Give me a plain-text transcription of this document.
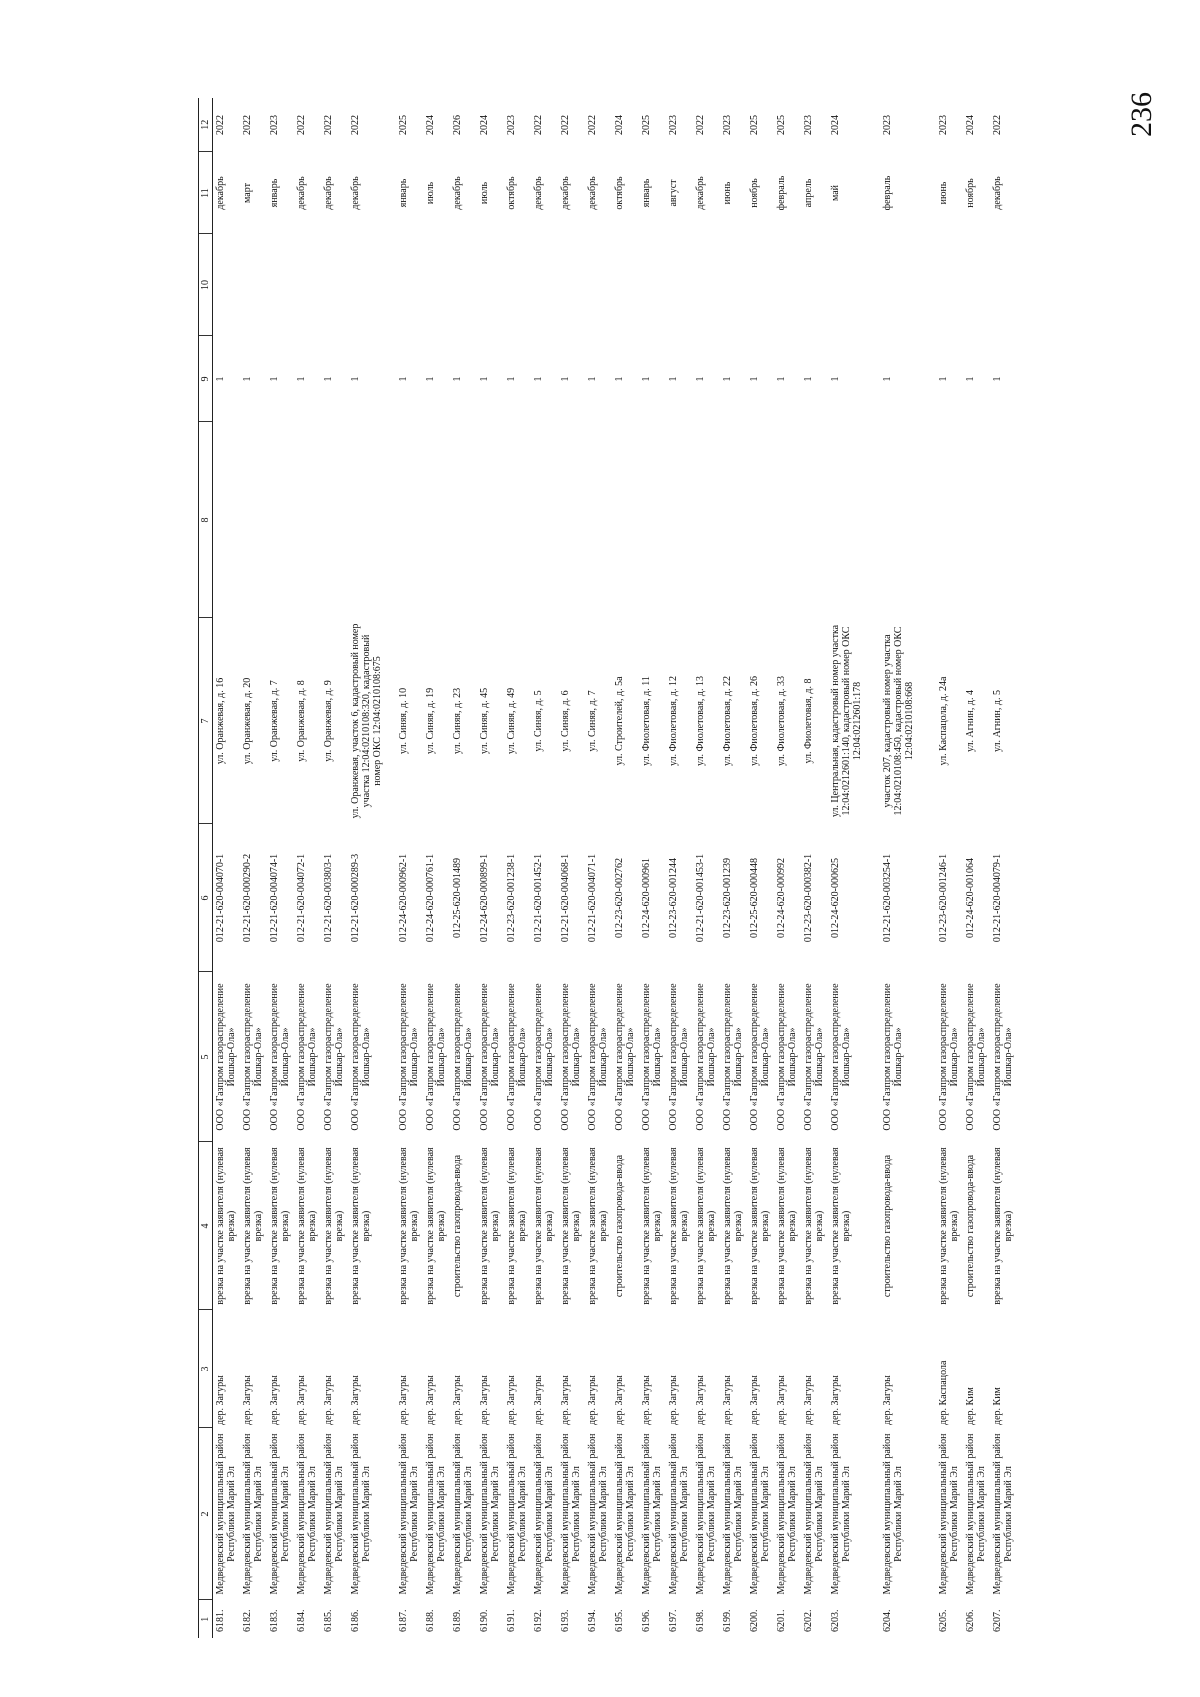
236
1	2	3	4	5	6	7	8	9	10	11	12
6181.	Медведевский муниципальный район Республики Марий Эл	дер. Загуры	врезка на участке заявителя (нулевая врезка)	ООО «Газпром газораспределение Йошкар-Ола»	012-21-620-004070-1	ул. Оранжевая, д. 16		1		декабрь	2022
6182.	Медведевский муниципальный район Республики Марий Эл	дер. Загуры	врезка на участке заявителя (нулевая врезка)	ООО «Газпром газораспределение Йошкар-Ола»	012-21-620-000290-2	ул. Оранжевая, д. 20		1		март	2022
6183.	Медведевский муниципальный район Республики Марий Эл	дер. Загуры	врезка на участке заявителя (нулевая врезка)	ООО «Газпром газораспределение Йошкар-Ола»	012-21-620-004074-1	ул. Оранжевая, д. 7		1		январь	2023
6184.	Медведевский муниципальный район Республики Марий Эл	дер. Загуры	врезка на участке заявителя (нулевая врезка)	ООО «Газпром газораспределение Йошкар-Ола»	012-21-620-004072-1	ул. Оранжевая, д. 8		1		декабрь	2022
6185.	Медведевский муниципальный район Республики Марий Эл	дер. Загуры	врезка на участке заявителя (нулевая врезка)	ООО «Газпром газораспределение Йошкар-Ола»	012-21-620-003803-1	ул. Оранжевая, д. 9		1		декабрь	2022
6186.	Медведевский муниципальный район Республики Марий Эл	дер. Загуры	врезка на участке заявителя (нулевая врезка)	ООО «Газпром газораспределение Йошкар-Ола»	012-21-620-000289-3	ул. Оранжевая, участок 6, кадастровый номер участка 12:04:0210108:320, кадастровый номер ОКС 12:04:0210108:675		1		декабрь	2022
6187.	Медведевский муниципальный район Республики Марий Эл	дер. Загуры	врезка на участке заявителя (нулевая врезка)	ООО «Газпром газораспределение Йошкар-Ола»	012-24-620-000962-1	ул. Синяя, д. 10		1		январь	2025
6188.	Медведевский муниципальный район Республики Марий Эл	дер. Загуры	врезка на участке заявителя (нулевая врезка)	ООО «Газпром газораспределение Йошкар-Ола»	012-24-620-000761-1	ул. Синяя, д. 19		1		июль	2024
6189.	Медведевский муниципальный район Республики Марий Эл	дер. Загуры	строительство газопровода-ввода	ООО «Газпром газораспределение Йошкар-Ола»	012-25-620-001489	ул. Синяя, д. 23		1		декабрь	2026
6190.	Медведевский муниципальный район Республики Марий Эл	дер. Загуры	врезка на участке заявителя (нулевая врезка)	ООО «Газпром газораспределение Йошкар-Ола»	012-24-620-000899-1	ул. Синяя, д. 45		1		июль	2024
6191.	Медведевский муниципальный район Республики Марий Эл	дер. Загуры	врезка на участке заявителя (нулевая врезка)	ООО «Газпром газораспределение Йошкар-Ола»	012-23-620-001238-1	ул. Синяя, д. 49		1		октябрь	2023
6192.	Медведевский муниципальный район Республики Марий Эл	дер. Загуры	врезка на участке заявителя (нулевая врезка)	ООО «Газпром газораспределение Йошкар-Ола»	012-21-620-001452-1	ул. Синяя, д. 5		1		декабрь	2022
6193.	Медведевский муниципальный район Республики Марий Эл	дер. Загуры	врезка на участке заявителя (нулевая врезка)	ООО «Газпром газораспределение Йошкар-Ола»	012-21-620-004068-1	ул. Синяя, д. 6		1		декабрь	2022
6194.	Медведевский муниципальный район Республики Марий Эл	дер. Загуры	врезка на участке заявителя (нулевая врезка)	ООО «Газпром газораспределение Йошкар-Ола»	012-21-620-004071-1	ул. Синяя, д. 7		1		декабрь	2022
6195.	Медведевский муниципальный район Республики Марий Эл	дер. Загуры	строительство газопровода-ввода	ООО «Газпром газораспределение Йошкар-Ола»	012-23-620-002762	ул. Строителей, д. 5а		1		октябрь	2024
6196.	Медведевский муниципальный район Республики Марий Эл	дер. Загуры	врезка на участке заявителя (нулевая врезка)	ООО «Газпром газораспределение Йошкар-Ола»	012-24-620-000961	ул. Фиолетовая, д. 11		1		январь	2025
6197.	Медведевский муниципальный район Республики Марий Эл	дер. Загуры	врезка на участке заявителя (нулевая врезка)	ООО «Газпром газораспределение Йошкар-Ола»	012-23-620-001244	ул. Фиолетовая, д. 12		1		август	2023
6198.	Медведевский муниципальный район Республики Марий Эл	дер. Загуры	врезка на участке заявителя (нулевая врезка)	ООО «Газпром газораспределение Йошкар-Ола»	012-21-620-001453-1	ул. Фиолетовая, д. 13		1		декабрь	2022
6199.	Медведевский муниципальный район Республики Марий Эл	дер. Загуры	врезка на участке заявителя (нулевая врезка)	ООО «Газпром газораспределение Йошкар-Ола»	012-23-620-001239	ул. Фиолетовая, д. 22		1		июнь	2023
6200.	Медведевский муниципальный район Республики Марий Эл	дер. Загуры	врезка на участке заявителя (нулевая врезка)	ООО «Газпром газораспределение Йошкар-Ола»	012-25-620-000448	ул. Фиолетовая, д. 26		1		ноябрь	2025
6201.	Медведевский муниципальный район Республики Марий Эл	дер. Загуры	врезка на участке заявителя (нулевая врезка)	ООО «Газпром газораспределение Йошкар-Ола»	012-24-620-000992	ул. Фиолетовая, д. 33		1		февраль	2025
6202.	Медведевский муниципальный район Республики Марий Эл	дер. Загуры	врезка на участке заявителя (нулевая врезка)	ООО «Газпром газораспределение Йошкар-Ола»	012-23-620-000382-1	ул. Фиолетовая, д. 8		1		апрель	2023
6203.	Медведевский муниципальный район Республики Марий Эл	дер. Загуры	врезка на участке заявителя (нулевая врезка)	ООО «Газпром газораспределение Йошкар-Ола»	012-24-620-000625	ул. Центральная, кадастровый номер участка 12:04:0212601:140, кадастровый номер ОКС 12:04:0212601:178		1		май	2024
6204.	Медведевский муниципальный район Республики Марий Эл	дер. Загуры	строительство газопровода-ввода	ООО «Газпром газораспределение Йошкар-Ола»	012-21-620-003254-1	участок 207, кадастровый номер участка 12:04:0210108:450, кадастровый номер ОКС 12:04:0210108:668		1		февраль	2023
6205.	Медведевский муниципальный район Республики Марий Эл	дер. Каспацола	врезка на участке заявителя (нулевая врезка)	ООО «Газпром газораспределение Йошкар-Ола»	012-23-620-001246-1	ул. Каспацола, д. 24а		1		июнь	2023
6206.	Медведевский муниципальный район Республики Марий Эл	дер. Ким	строительство газопровода-ввода	ООО «Газпром газораспределение Йошкар-Ола»	012-24-620-001064	ул. Агнин, д. 4		1		ноябрь	2024
6207.	Медведевский муниципальный район Республики Марий Эл	дер. Ким	врезка на участке заявителя (нулевая врезка)	ООО «Газпром газораспределение Йошкар-Ола»	012-21-620-004079-1	ул. Агнин, д. 5		1		декабрь	2022
